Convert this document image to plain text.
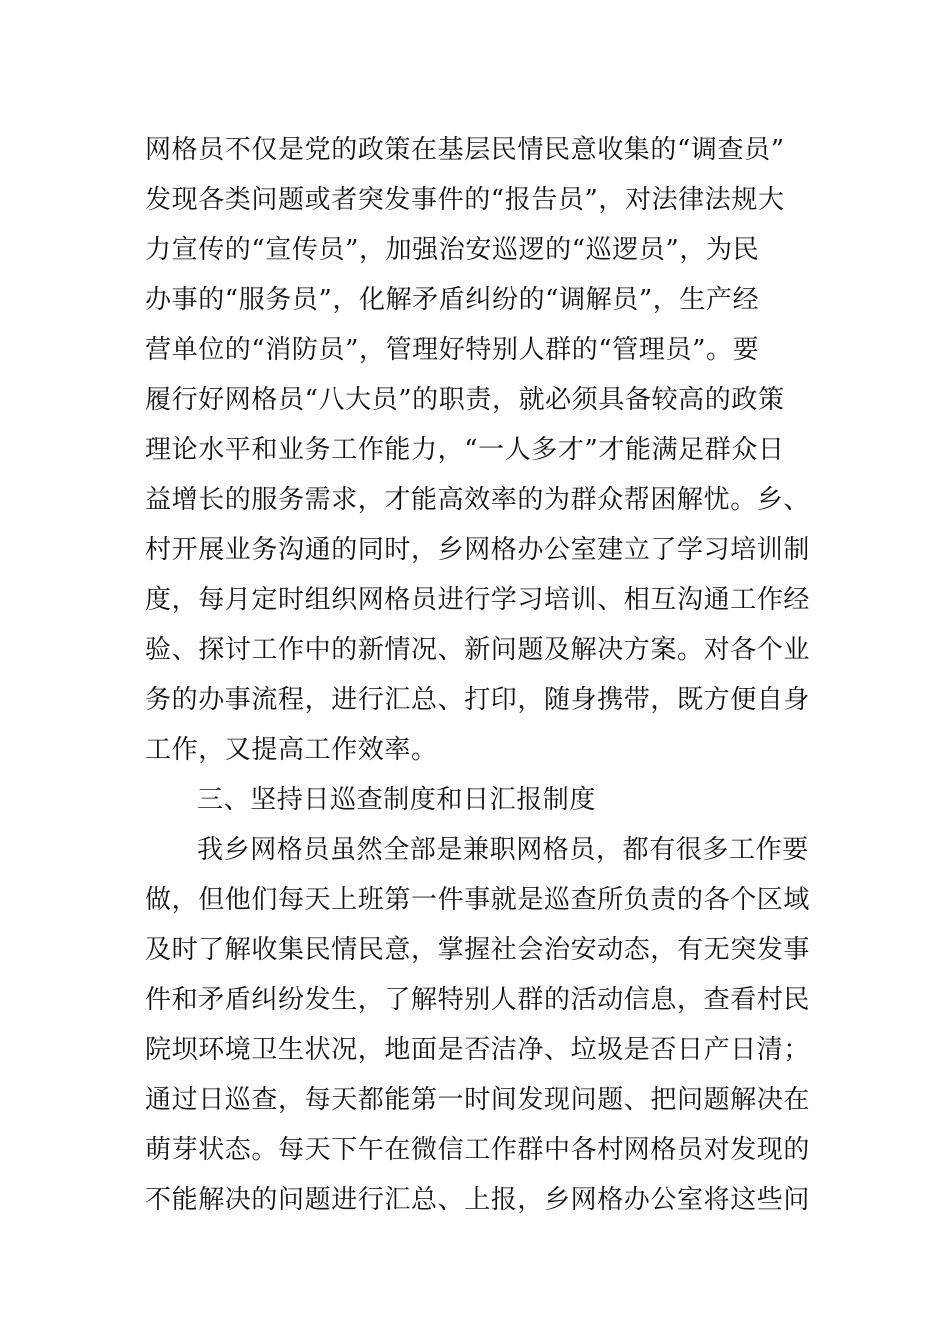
网格员不仅是党的政策在基层民情民意收集的“调查员”
发现各类问题或者突发事件的“报告员”，对法律法规大
力宣传的“宣传员”，加强治安巡逻的“巡逻员”，为民
办事的“服务员”，化解矛盾纠纷的“调解员”，生产经
营单位的“消防员”，管理好特别人群的“管理员”。要
履行好网格员“八大员”的职责，就必须具备较高的政策
理论水平和业务工作能力，“一人多才”才能满足群众日
益增长的服务需求，才能高效率的为群众帮困解忧。乡、
村开展业务沟通的同时，乡网格办公室建立了学习培训制
度，每月定时组织网格员进行学习培训、相互沟通工作经
验、探讨工作中的新情况、新问题及解决方案。对各个业
务的办事流程，进行汇总、打印，随身携带，既方便自身
工作，又提高工作效率。
三、坚持日巡查制度和日汇报制度
我乡网格员虽然全部是兼职网格员，都有很多工作要
做，但他们每天上班第一件事就是巡查所负责的各个区域
及时了解收集民情民意，掌握社会治安动态，有无突发事
件和矛盾纠纷发生，了解特别人群的活动信息，查看村民
院坝环境卫生状况，地面是否洁净、垃圾是否日产日清；
通过日巡查，每天都能第一时间发现问题、把问题解决在
萌芽状态。每天下午在微信工作群中各村网格员对发现的
不能解决的问题进行汇总、上报，乡网格办公室将这些问
